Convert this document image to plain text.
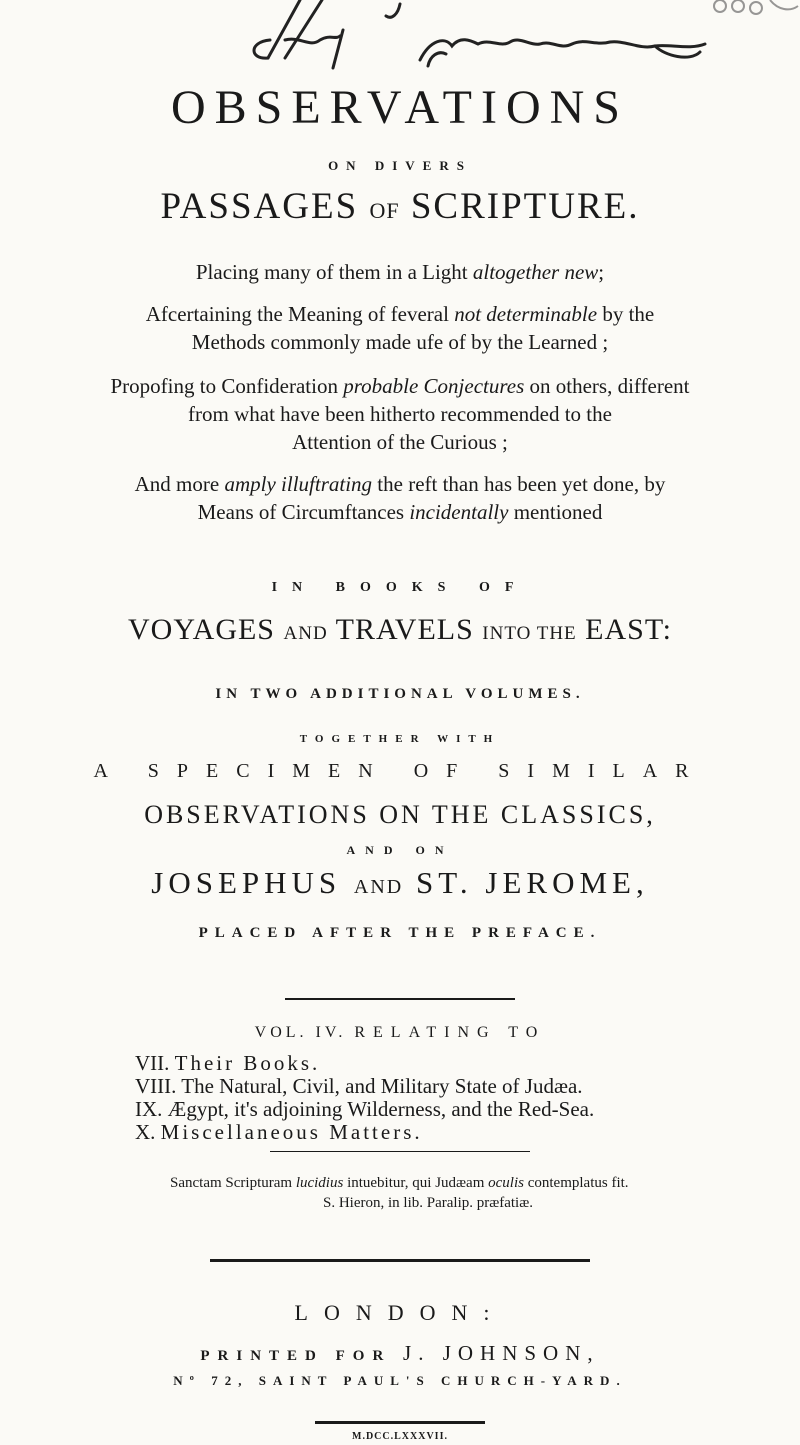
OBSERVATIONS
ON DIVERS
PASSAGES OF SCRIPTURE.
Placing many of them in a Light altogether new;
Afcertaining the Meaning of feveral not determinable by the
Methods commonly made ufe of by the Learned ;
Propofing to Confideration probable Conjectures on others, different
from what have been hitherto recommended to the
Attention of the Curious ;
And more amply illuftrating the reft than has been yet done, by
Means of Circumftances incidentally mentioned
IN BOOKS OF
VOYAGES AND TRAVELS INTO THE EAST:
IN TWO ADDITIONAL VOLUMES.
TOGETHER WITH
A SPECIMEN OF SIMILAR
OBSERVATIONS ON THE CLASSICS,
AND ON
JOSEPHUS AND ST. JEROME,
PLACED AFTER THE PREFACE.
VOL. IV. RELATING TO
VII. Their Books.
VIII. The Natural, Civil, and Military State of Judæa.
IX. Ægypt, it's adjoining Wilderness, and the Red-Sea.
X. Miscellaneous Matters.
Sanctam Scripturam lucidius intuebitur, qui Judæam oculis contemplatus fit.
S. Hieron, in lib. Paralip. præfatiæ.
LONDON:
PRINTED FOR J. JOHNSON,
Nº 72, SAINT PAUL'S CHURCH-YARD.
M.DCC.LXXXVII.
